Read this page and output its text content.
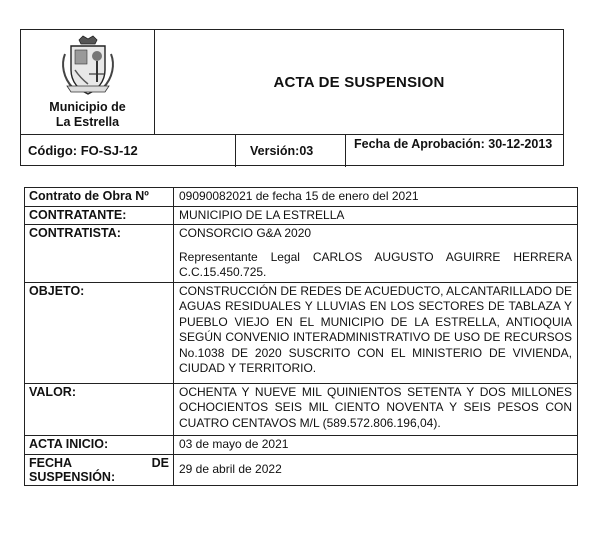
Municipio de
La Estrella
ACTA DE SUSPENSION
Código: FO-SJ-12	Versión:03	Fecha de Aprobación: 30-12-2013
Contrato de Obra Nº	09090082021 de fecha 15 de enero del 2021
CONTRATANTE:	MUNICIPIO DE LA ESTRELLA
CONTRATISTA:	CONSORCIO G&A 2020
Representante Legal CARLOS AUGUSTO AGUIRRE HERRERA C.C.15.450.725.

OBJETO:	CONSTRUCCIÓN DE REDES DE ACUEDUCTO, ALCANTARILLADO DE AGUAS RESIDUALES Y LLUVIAS EN LOS SECTORES DE TABLAZA Y PUEBLO VIEJO EN EL MUNICIPIO DE LA ESTRELLA, ANTIOQUIA SEGÚN CONVENIO INTERADMINISTRATIVO DE USO DE RECURSOS No.1038 DE 2020 SUSCRITO CON EL MINISTERIO DE VIVIENDA, CIUDAD Y TERRITORIO.
VALOR:	OCHENTA Y NUEVE MIL QUINIENTOS SETENTA Y DOS MILLONES OCHOCIENTOS SEIS MIL CIENTO NOVENTA Y SEIS PESOS CON CUATRO CENTAVOS M/L (589.572.806.196,04).
ACTA INICIO:	03 de mayo de 2021

FECHA DE
SUSPENSIÓN:	29 de abril de 2022
